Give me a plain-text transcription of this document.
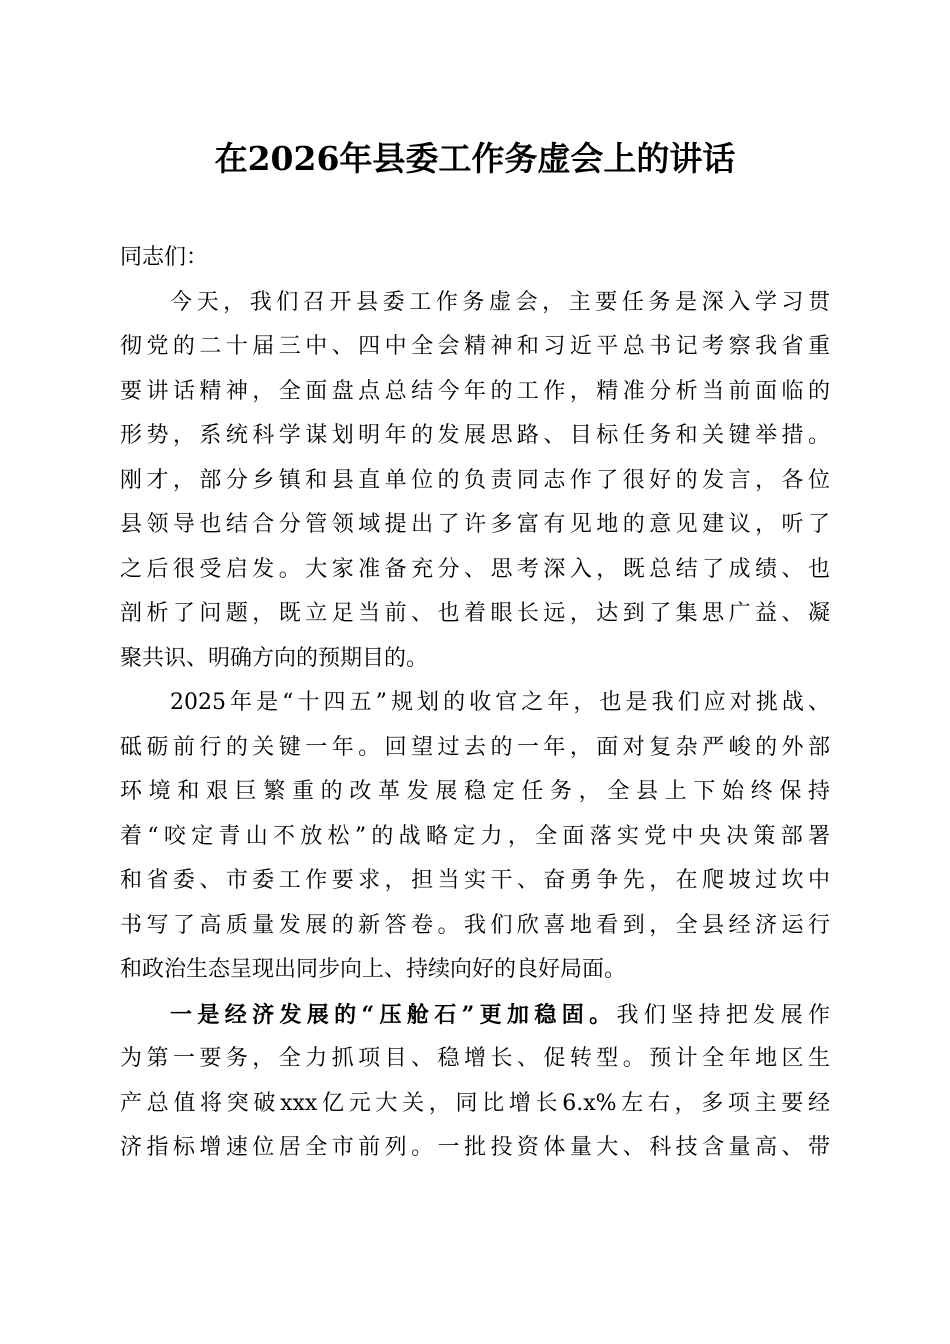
在2026年县委工作务虚会上的讲话
同志们：
今天，我们召开县委工作务虚会，主要任务是深入学习贯
彻党的二十届三中、四中全会精神和习近平总书记考察我省重
要讲话精神，全面盘点总结今年的工作，精准分析当前面临的
形势，系统科学谋划明年的发展思路、目标任务和关键举措。
刚才，部分乡镇和县直单位的负责同志作了很好的发言，各位
县领导也结合分管领域提出了许多富有见地的意见建议，听了
之后很受启发。大家准备充分、思考深入，既总结了成绩、也
剖析了问题，既立足当前、也着眼长远，达到了集思广益、凝
聚共识、明确方向的预期目的。
2025年是“十四五”规划的收官之年，也是我们应对挑战、
砥砺前行的关键一年。回望过去的一年，面对复杂严峻的外部
环境和艰巨繁重的改革发展稳定任务，全县上下始终保持
着“咬定青山不放松”的战略定力，全面落实党中央决策部署
和省委、市委工作要求，担当实干、奋勇争先，在爬坡过坎中
书写了高质量发展的新答卷。我们欣喜地看到，全县经济运行
和政治生态呈现出同步向上、持续向好的良好局面。
一是经济发展的“压舱石”更加稳固。我们坚持把发展作
为第一要务，全力抓项目、稳增长、促转型。预计全年地区生
产总值将突破xxx亿元大关，同比增长6.x%左右，多项主要经
济指标增速位居全市前列。一批投资体量大、科技含量高、带
